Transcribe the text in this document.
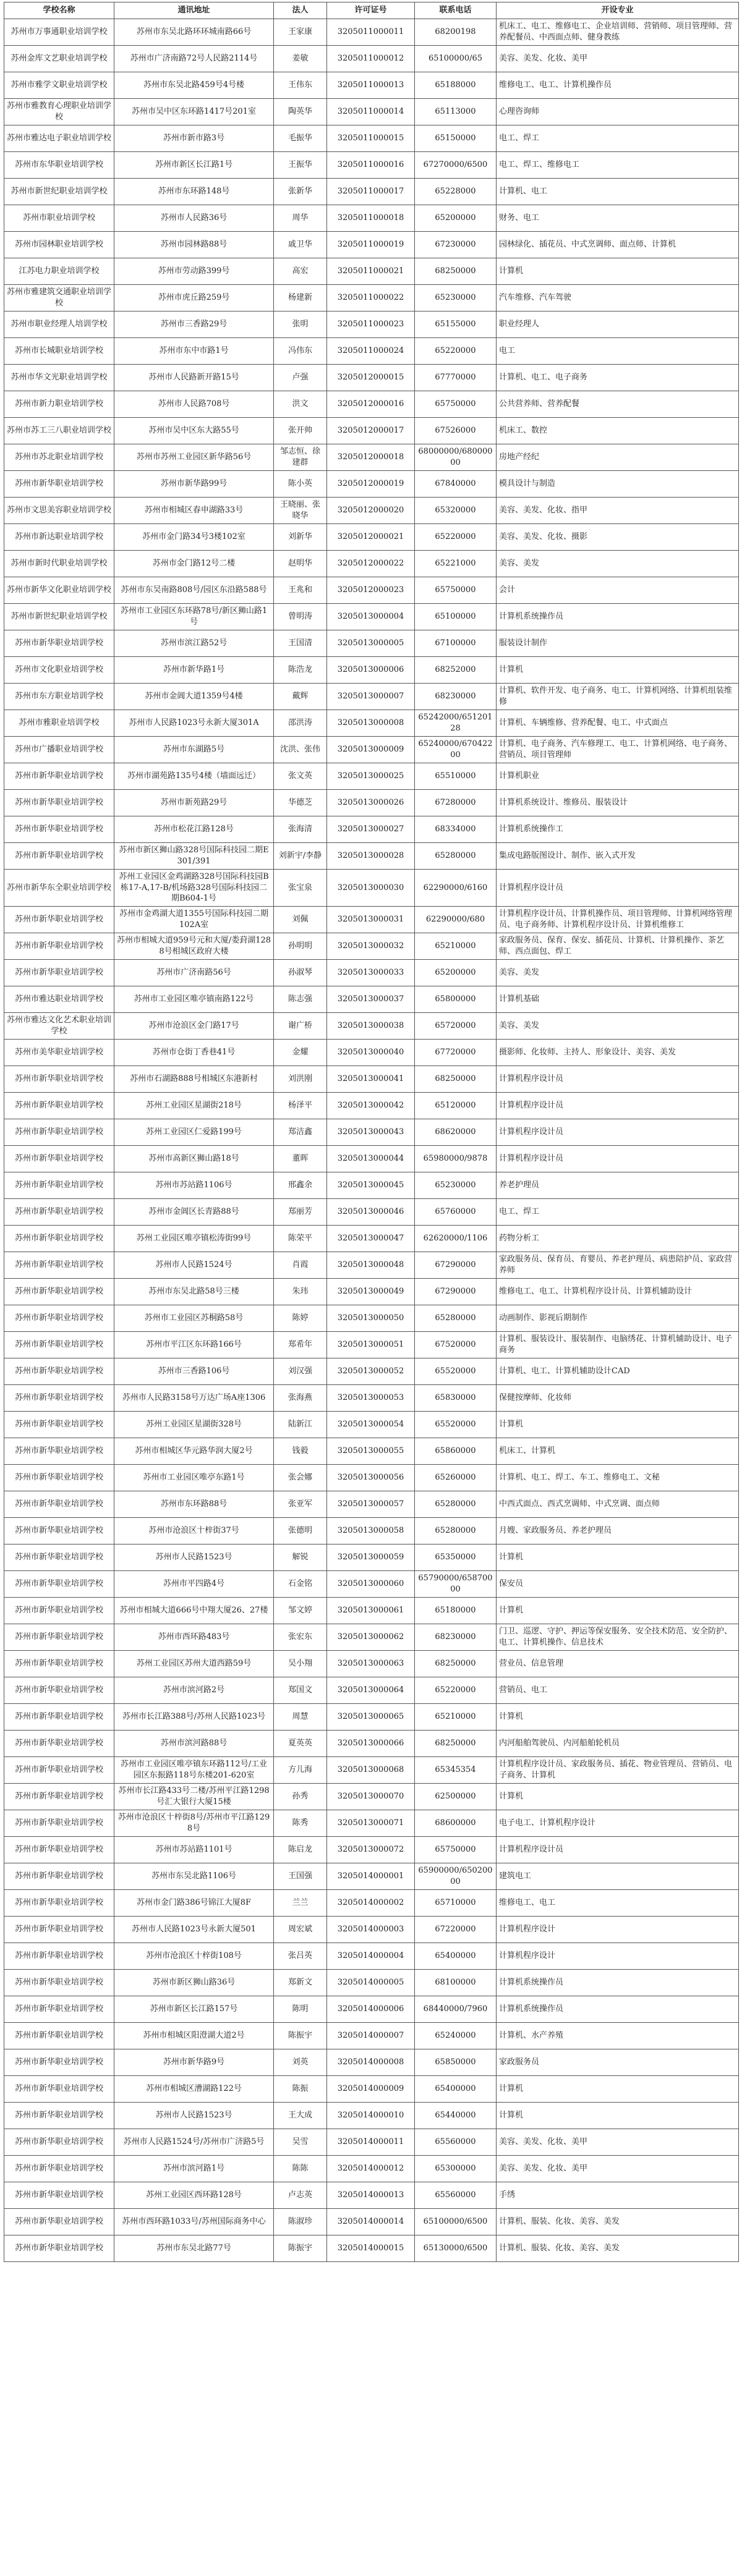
学校名称	通讯地址	法人	许可证号	联系电话	开设专业
苏州市万事通职业培训学校	苏州市东吴北路环环城南路66号	王家康	3205011000011	68200198	机床工、电工、维修电工、企业培训师、营销师、项目管理师、营养配餐员、中西面点师、健身教练
苏州金库文艺职业培训学校	苏州市广济南路72号人民路2114号	姜敏	3205011000012	65100000/65	美容、美发、化妆、美甲
苏州市雅学文职业培训学校	苏州市东吴北路459号4号楼	王伟东	3205011000013	65188000	维修电工、电工、计算机操作员
苏州市雅教育心理职业培训学校	苏州市吴中区东环路1417号201室	陶英华	3205011000014	65113000	心理咨询师
苏州市雅达电子职业培训学校	苏州市新市路3号	毛振华	3205011000015	65150000	电工、焊工
苏州市东华职业培训学校	苏州市新区长江路1号	王振华	3205011000016	67270000/6500	电工、焊工、维修电工
苏州市新世纪职业培训学校	苏州市东环路148号	张新华	3205011000017	65228000	计算机、电工
苏州市职业培训学校	苏州市人民路36号	周华	3205011000018	65200000	财务、电工
苏州市园林职业培训学校	苏州市园林路88号	戚卫华	3205011000019	67230000	园林绿化、插花员、中式烹调师、面点师、计算机
江苏电力职业培训学校	苏州市劳动路399号	高宏	3205011000021	68250000	计算机
苏州市雅建筑交通职业培训学校	苏州市虎丘路259号	杨建新	3205011000022	65230000	汽车维修、汽车驾驶
苏州市职业经理人培训学校	苏州市三香路29号	张明	3205011000023	65155000	职业经理人
苏州市长城职业培训学校	苏州市东中市路1号	冯伟东	3205011000024	65220000	电工
苏州市华文光职业培训学校	苏州市人民路新开路15号	卢强	3205012000015	67770000	计算机、电工、电子商务
苏州市新力职业培训学校	苏州市人民路708号	洪文	3205012000016	65750000	公共营养师、营养配餐
苏州市苏工三八职业培训学校	苏州市吴中区东大路55号	张开帅	3205012000017	67526000	机床工、数控
苏州市苏北职业培训学校	苏州市苏州工业园区新华路56号	邹志恒、徐建群	3205012000018	68000000/68000000	房地产经纪
苏州市新华职业培训学校	苏州市新华路99号	陈小英	3205012000019	67840000	模具设计与制造
苏州市文思美容职业培训学校	苏州市相城区春申湖路33号	王晓丽、张晓华	3205012000020	65320000	美容、美发、化妆、指甲
苏州市新达职业培训学校	苏州市金门路34号3楼102室	刘新华	3205012000021	65220000	美容、美发、化妆、摄影
苏州市新时代职业培训学校	苏州市金门路12号二楼	赵明华	3205012000022	65221000	美容、美发
苏州市新华文化职业培训学校	苏州市东吴南路808号/园区东沿路588号	王兆和	3205012000023	65750000	会计
苏州市新世纪职业培训学校	苏州市工业园区东环路78号/新区狮山路1号	曾明涛	3205013000004	65100000	计算机系统操作员
苏州市新华职业培训学校	苏州市滨江路52号	王国清	3205013000005	67100000	服装设计制作
苏州市文化职业培训学校	苏州市新华路1号	陈浩龙	3205013000006	68252000	计算机
苏州市东方职业培训学校	苏州市金阊大道1359号4楼	戴辉	3205013000007	68230000	计算机、软件开发、电子商务、电工、计算机网络、计算机组装维修
苏州市雅职业培训学校	苏州市人民路1023号永新大厦301A	邵洪涛	3205013000008	65242000/65120128	计算机、车辆维修、营养配餐、电工、中式面点
苏州市广播职业培训学校	苏州市东湖路5号	沈洪、张伟	3205013000009	65240000/67042200	计算机、电子商务、汽车修理工、电工、计算机网络、电子商务、营销员、项目管理师
苏州市新华职业培训学校	苏州市湖苑路135号4楼（墙面远迁）	张文英	3205013000025	65510000	计算机职业
苏州市新华职业培训学校	苏州市新苑路29号	华德芝	3205013000026	67280000	计算机系统设计、维修员、服装设计
苏州市新华职业培训学校	苏州市松花江路128号	张海清	3205013000027	68334000	计算机系统操作工
苏州市新华职业培训学校	苏州市新区狮山路328号国际科技园二期E301/391	刘新宇/李静	3205013000028	65280000	集成电路版图设计、制作、嵌入式开发
苏州市新华东全职业培训学校	苏州工业园区金鸡湖路328号国际科技园B栋17-A,17-B/机场路328号国际科技园二期B604-1号	张宝泉	3205013000030	62290000/6160	计算机程序设计员
苏州市新华职业培训学校	苏州市金鸡湖大道1355号国际科技园二期102A室	刘佩	3205013000031	62290000/680	计算机程序设计员、计算机操作员、项目管理师、计算机网络管理员、电子商务师、计算机程序设计员、计算机维修工
苏州市新华职业培训学校	苏州市相城大道959号元和大厦/娄葑湖1288号相城区政府大楼	孙明明	3205013000032	65210000	家政服务员、保育、保安、插花员、计算机、计算机操作、茶艺师、西点面包、焊工
苏州市新华职业培训学校	苏州市广济南路56号	孙淑琴	3205013000033	65200000	美容、美发
苏州市雅达职业培训学校	苏州市工业园区唯亭镇南路122号	陈志强	3205013000037	65800000	计算机基础
苏州市雅达文化艺术职业培训学校	苏州市沧浪区金门路17号	谢广桥	3205013000038	65720000	美容、美发
苏州市美华职业培训学校	苏州市仓街丁香巷41号	金耀	3205013000040	67720000	摄影师、化妆师、主持人、形象设计、美容、美发
苏州市新华职业培训学校	苏州市石湖路888号相城区东港新村	刘洪刚	3205013000041	68250000	计算机程序设计员
苏州市新华职业培训学校	苏州工业园区星湖街218号	杨泽平	3205013000042	65120000	计算机程序设计员
苏州市新华职业培训学校	苏州工业园区仁爱路199号	郑洁鑫	3205013000043	68620000	计算机程序设计员
苏州市新华职业培训学校	苏州市高新区狮山路18号	董晖	3205013000044	65980000/9878	计算机程序设计员
苏州市新华职业培训学校	苏州市苏站路1106号	邢鑫余	3205013000045	65230000	养老护理员
苏州市新华职业培训学校	苏州市金阊区长青路88号	郑丽芳	3205013000046	65760000	电工、焊工
苏州市新华职业培训学校	苏州工业园区唯亭镇松涛街99号	陈荣平	3205013000047	62620000/1106	药物分析工
苏州市新华职业培训学校	苏州市人民路1524号	肖霞	3205013000048	67290000	家政服务员、保育员、育婴员、养老护理员、病患陪护员、家政营养师
苏州市新华职业培训学校	苏州市东吴北路58号三楼	朱玮	3205013000049	67290000	维修电工、电工、计算机程序设计员、计算机辅助设计
苏州市新华职业培训学校	苏州市工业园区苏桐路58号	陈婷	3205013000050	65280000	动画制作、影视后期制作
苏州市新华职业培训学校	苏州市平江区东环路166号	郑希年	3205013000051	67520000	计算机、服装设计、服装制作、电脑绣花、计算机辅助设计、电子商务
苏州市新华职业培训学校	苏州市三香路106号	刘汉强	3205013000052	65520000	计算机、电工、计算机辅助设计CAD
苏州市新华职业培训学校	苏州市人民路3158号万达广场A座1306	张海燕	3205013000053	65830000	保健按摩师、化妆师
苏州市新华职业培训学校	苏州工业园区星湖街328号	陆新江	3205013000054	65520000	计算机
苏州市新华职业培训学校	苏州市相城区华元路华润大厦2号	钱毅	3205013000055	65860000	机床工、计算机
苏州市新华职业培训学校	苏州市工业园区唯亭东路1号	张会娜	3205013000056	65260000	计算机、电工、焊工、车工、维修电工、文秘
苏州市新华职业培训学校	苏州市东环路88号	张亚军	3205013000057	65280000	中西式面点、西式烹调师、中式烹调、面点师
苏州市新华职业培训学校	苏州市沧浪区十梓街37号	张德明	3205013000058	65280000	月嫂、家政服务员、养老护理员
苏州市新华职业培训学校	苏州市人民路1523号	解锐	3205013000059	65350000	计算机
苏州市新华职业培训学校	苏州市平四路4号	石金铭	3205013000060	65790000/65870000	保安员
苏州市新华职业培训学校	苏州市相城大道666号中翔大厦26、27楼	邹文婷	3205013000061	65180000	计算机
苏州市新华职业培训学校	苏州市西环路483号	张宏东	3205013000062	68230000	门卫、巡逻、守护、押运等保安服务、安全技术防范、安全防护、电工、计算机操作、信息技术
苏州市新华职业培训学校	苏州工业园区苏州大道西路59号	吴小翔	3205013000063	68250000	营业员、信息管理
苏州市新华职业培训学校	苏州市滨河路2号	郑国文	3205013000064	65220000	营销员、电工
苏州市新华职业培训学校	苏州市长江路388号/苏州人民路1023号	周慧	3205013000065	65210000	计算机
苏州市新华职业培训学校	苏州市滨河路88号	夏英英	3205013000066	68250000	内河船舶驾驶员、内河船舶轮机员
苏州市新华职业培训学校	苏州市工业园区唯亭镇东环路112号/工业园区东振路118号东楼201-620室	方儿海	3205013000068	65345354	计算机程序设计员、家政服务员、插花、物业管理员、营销员、电子商务、计算机
苏州市新华职业培训学校	苏州市长江路433号二楼/苏州平江路1298号汇大银行大厦15楼	孙秀	3205013000070	62500000	计算机
苏州市新华职业培训学校	苏州市沧浪区十梓街8号/苏州市平江路1298号	陈秀	3205013000071	68600000	电子电工、计算机程序设计
苏州市新华职业培训学校	苏州市苏站路1101号	陈启龙	3205013000072	65750000	计算机程序设计员
苏州市新华职业培训学校	苏州市东吴北路1106号	王国强	3205014000001	65900000/65020000	建筑电工
苏州市新华职业培训学校	苏州市金门路386号锦江大厦8F	兰兰	3205014000002	65710000	维修电工、电工
苏州市新华职业培训学校	苏州市人民路1023号永新大厦501	周宏斌	3205014000003	67220000	计算机程序设计
苏州市新华职业培训学校	苏州市沧浪区十梓街108号	张吕英	3205014000004	65400000	计算机程序设计
苏州市新华职业培训学校	苏州市新区狮山路36号	郑新文	3205014000005	68100000	计算机系统操作员
苏州市新华职业培训学校	苏州市新区长江路157号	陈明	3205014000006	68440000/7960	计算机系统操作员
苏州市新华职业培训学校	苏州市相城区阳澄湖大道2号	陈振宇	3205014000007	65240000	计算机、水产养殖
苏州市新华职业培训学校	苏州市新华路9号	刘英	3205014000008	65850000	家政服务员
苏州市新华职业培训学校	苏州市相城区漕湖路122号	陈振	3205014000009	65400000	计算机
苏州市新华职业培训学校	苏州市人民路1523号	王大成	3205014000010	65440000	计算机
苏州市新华职业培训学校	苏州市人民路1524号/苏州市广济路5号	吴雪	3205014000011	65560000	美容、美发、化妆、美甲
苏州市新华职业培训学校	苏州市滨河路1号	陈陈	3205014000012	65300000	美容、美发、化妆、美甲
苏州市新华职业培训学校	苏州工业园区西环路128号	卢志英	3205014000013	65560000	手绣
苏州市新华职业培训学校	苏州市西环路1033号/苏州国际商务中心	陈淑珍	3205014000014	65100000/6500	计算机、服装、化妆、美容、美发
苏州市新华职业培训学校	苏州市东吴北路77号	陈振宇	3205014000015	65130000/6500	计算机、服装、化妆、美容、美发
